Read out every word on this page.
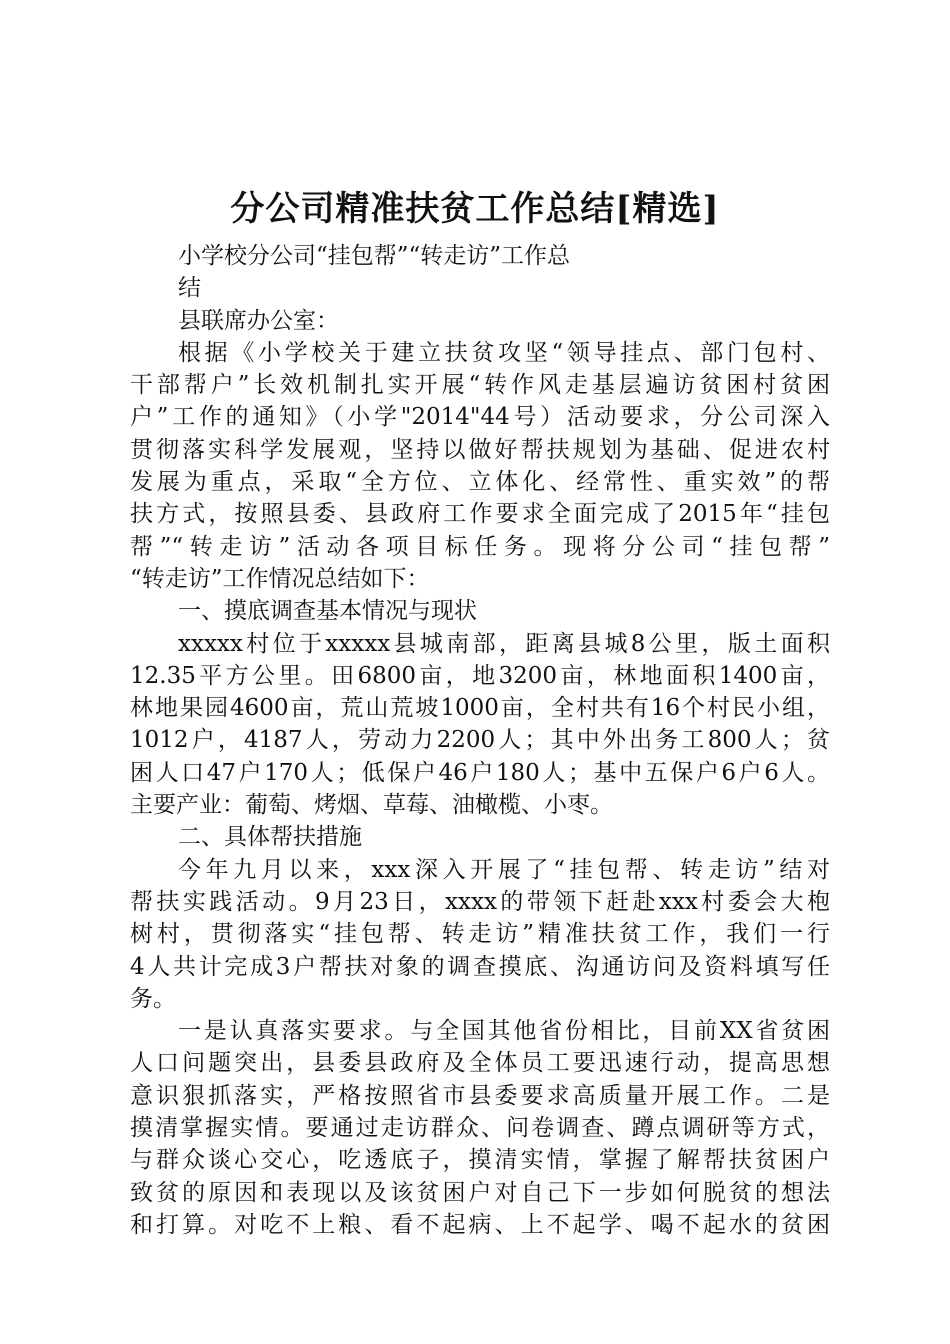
分公司精准扶贫工作总结[精选]
小学校分公司“挂包帮”“转走访”工作总
结
县联席办公室：
根据《小学校关于建立扶贫攻坚“领导挂点、部门包村、
干部帮户”长效机制扎实开展“转作风走基层遍访贫困村贫困
户”工作的通知》（小学"2014"44号）活动要求，分公司深入
贯彻落实科学发展观，坚持以做好帮扶规划为基础、促进农村
发展为重点，采取“全方位、立体化、经常性、重实效”的帮
扶方式，按照县委、县政府工作要求全面完成了2015年“挂包
帮”“转走访”活动各项目标任务。现将分公司“挂包帮”
“转走访”工作情况总结如下：
一、摸底调查基本情况与现状
xxxxx村位于xxxxx县城南部，距离县城8公里，版土面积
12.35平方公里。田6800亩，地3200亩，林地面积1400亩，
林地果园4600亩，荒山荒坡1000亩，全村共有16个村民小组，
1012户，4187人，劳动力2200人；其中外出务工800人；贫
困人口47户170人；低保户46户180人；基中五保户6户6人。
主要产业：葡萄、烤烟、草莓、油橄榄、小枣。
二、具体帮扶措施
今年九月以来，xxx深入开展了“挂包帮、转走访”结对
帮扶实践活动。9月23日，xxxx的带领下赶赴xxx村委会大枹
树村，贯彻落实“挂包帮、转走访”精准扶贫工作，我们一行
4人共计完成3户帮扶对象的调查摸底、沟通访问及资料填写任
务。
一是认真落实要求。与全国其他省份相比，目前XX省贫困
人口问题突出，县委县政府及全体员工要迅速行动，提高思想
意识狠抓落实，严格按照省市县委要求高质量开展工作。二是
摸清掌握实情。要通过走访群众、问卷调查、蹲点调研等方式，
与群众谈心交心，吃透底子，摸清实情，掌握了解帮扶贫困户
致贫的原因和表现以及该贫困户对自己下一步如何脱贫的想法
和打算。对吃不上粮、看不起病、上不起学、喝不起水的贫困
